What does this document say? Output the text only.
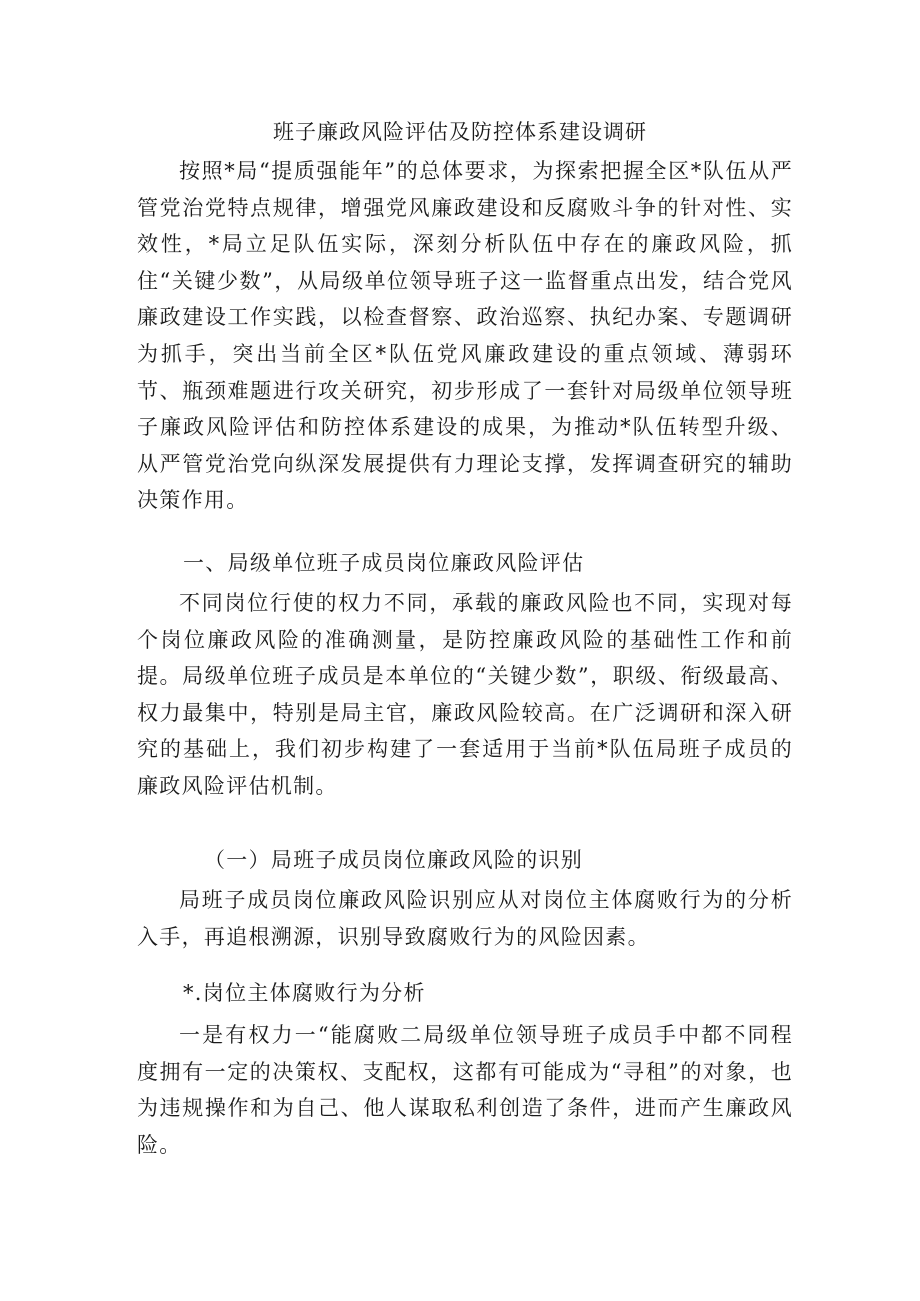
班子廉政风险评估及防控体系建设调研

按照*局“提质强能年”的总体要求，为探索把握全区*队伍从严管党治党特点规律，增强党风廉政建设和反腐败斗争的针对性、实效性，*局立足队伍实际，深刻分析队伍中存在的廉政风险，抓住“关键少数”，从局级单位领导班子这一监督重点出发，结合党风廉政建设工作实践，以检查督察、政治巡察、执纪办案、专题调研为抓手，突出当前全区*队伍党风廉政建设的重点领域、薄弱环节、瓶颈难题进行攻关研究，初步形成了一套针对局级单位领导班子廉政风险评估和防控体系建设的成果，为推动*队伍转型升级、从严管党治党向纵深发展提供有力理论支撑，发挥调查研究的辅助决策作用。

一、局级单位班子成员岗位廉政风险评估

不同岗位行使的权力不同，承载的廉政风险也不同，实现对每个岗位廉政风险的准确测量，是防控廉政风险的基础性工作和前提。局级单位班子成员是本单位的“关键少数”，职级、衔级最高、权力最集中，特别是局主官，廉政风险较高。在广泛调研和深入研究的基础上，我们初步构建了一套适用于当前*队伍局班子成员的廉政风险评估机制。

（一）局班子成员岗位廉政风险的识别

局班子成员岗位廉政风险识别应从对岗位主体腐败行为的分析入手，再追根溯源，识别导致腐败行为的风险因素。

*.岗位主体腐败行为分析

一是有权力一“能腐败二局级单位领导班子成员手中都不同程度拥有一定的决策权、支配权，这都有可能成为“寻租”的对象，也为违规操作和为自己、他人谋取私利创造了条件，进而产生廉政风险。
